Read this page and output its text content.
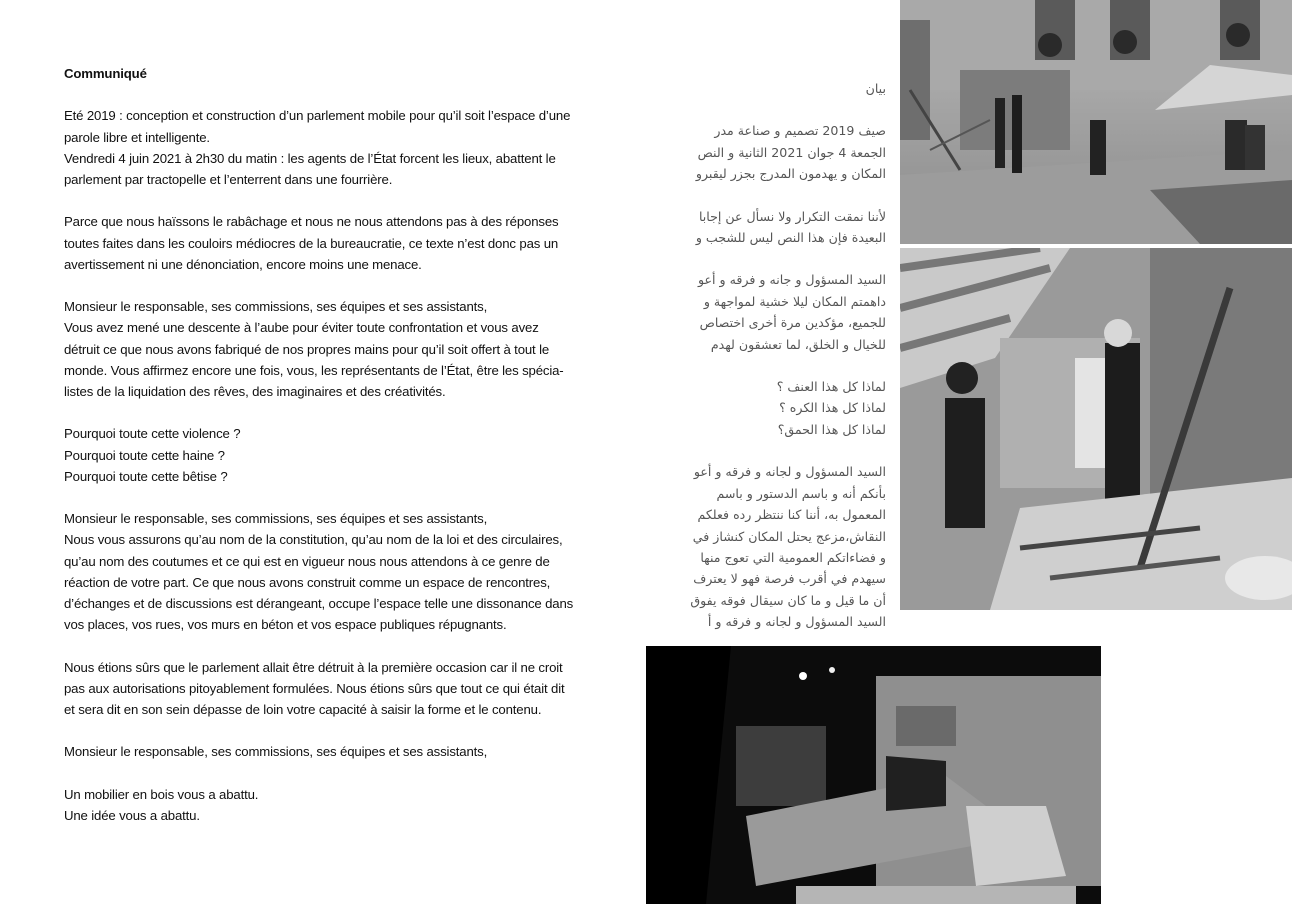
Communiqué

Eté 2019 : conception et construction d’un parlement mobile pour qu’il soit l’espace d’une
parole libre et intelligente.
Vendredi 4 juin 2021 à 2h30 du matin : les agents de l’État forcent les lieux, abattent le
parlement par tractopelle et l’enterrent dans une fourrière.

Parce que nous haïssons le rabâchage et nous ne nous attendons pas à des réponses
toutes faites dans les couloirs médiocres de la bureaucratie, ce texte n’est donc pas un
avertissement ni une dénonciation, encore moins une menace.

Monsieur le responsable, ses commissions, ses équipes et ses assistants,
Vous avez mené une descente à l’aube pour éviter toute confrontation et vous avez
détruit ce que nous avons fabriqué de nos propres mains pour qu’il soit offert à tout le
monde. Vous affirmez encore une fois, vous, les représentants de l’État, être les spécia-
listes de la liquidation des rêves, des imaginaires et des créativités.

Pourquoi toute cette violence ?
Pourquoi toute cette haine ?
Pourquoi toute cette bêtise ?

Monsieur le responsable, ses commissions, ses équipes et ses assistants,
Nous vous assurons qu’au nom de la constitution, qu’au nom de la loi et des circulaires,
qu’au nom des coutumes et ce qui est en vigueur nous nous attendons à ce genre de
réaction de votre part. Ce que nous avons construit comme un espace de rencontres,
d’échanges et de discussions est dérangeant, occupe l’espace telle une dissonance dans
vos places, vos rues, vos murs en béton et vos espace publiques répugnants.

Nous étions sûrs que le parlement allait être détruit à la première occasion car il ne croit
pas aux autorisations pitoyablement formulées. Nous étions sûrs que tout ce qui était dit
et sera dit en son sein dépasse de loin votre capacité à saisir la forme et le contenu.

Monsieur le responsable, ses commissions, ses équipes et ses assistants,

Un mobilier en bois vous a abattu.
Une idée vous a abattu.

بيان

صيف 2019 تصميم و صناعة مدر
الجمعة 4 جوان 2021 الثانية و النص
المكان و يهدمون المدرج بجزر ليقبرو

لأننا نمقت التكرار ولا نسأل عن إجابا
البعيدة فإن هذا النص ليس للشجب و

السيد المسؤول و جانه و فرقه و أعو
داهمتم المكان ليلا خشية لمواجهة و
للجميع، مؤكدين مرة أخرى اختصاص
للخيال و الخلق، لما تعشقون لهدم

لماذا كل هذا العنف ؟
لماذا كل هذا الكره ؟
لماذا كل هذا الحمق؟

السيد المسؤول و لجانه و فرقه و أعو
بأنكم أنه و باسم الدستور و باسم
المعمول به، أننا كنا ننتظر رده فعلكم
النقاش،مزعج يحتل المكان كنشاز في
و فضاءاتكم العمومية التي تعوج منها
سيهدم في أقرب فرصة فهو لا يعترف
أن ما قيل و ما كان سيقال فوقه يفوق
السيد المسؤول و لجانه و فرقه و أ
